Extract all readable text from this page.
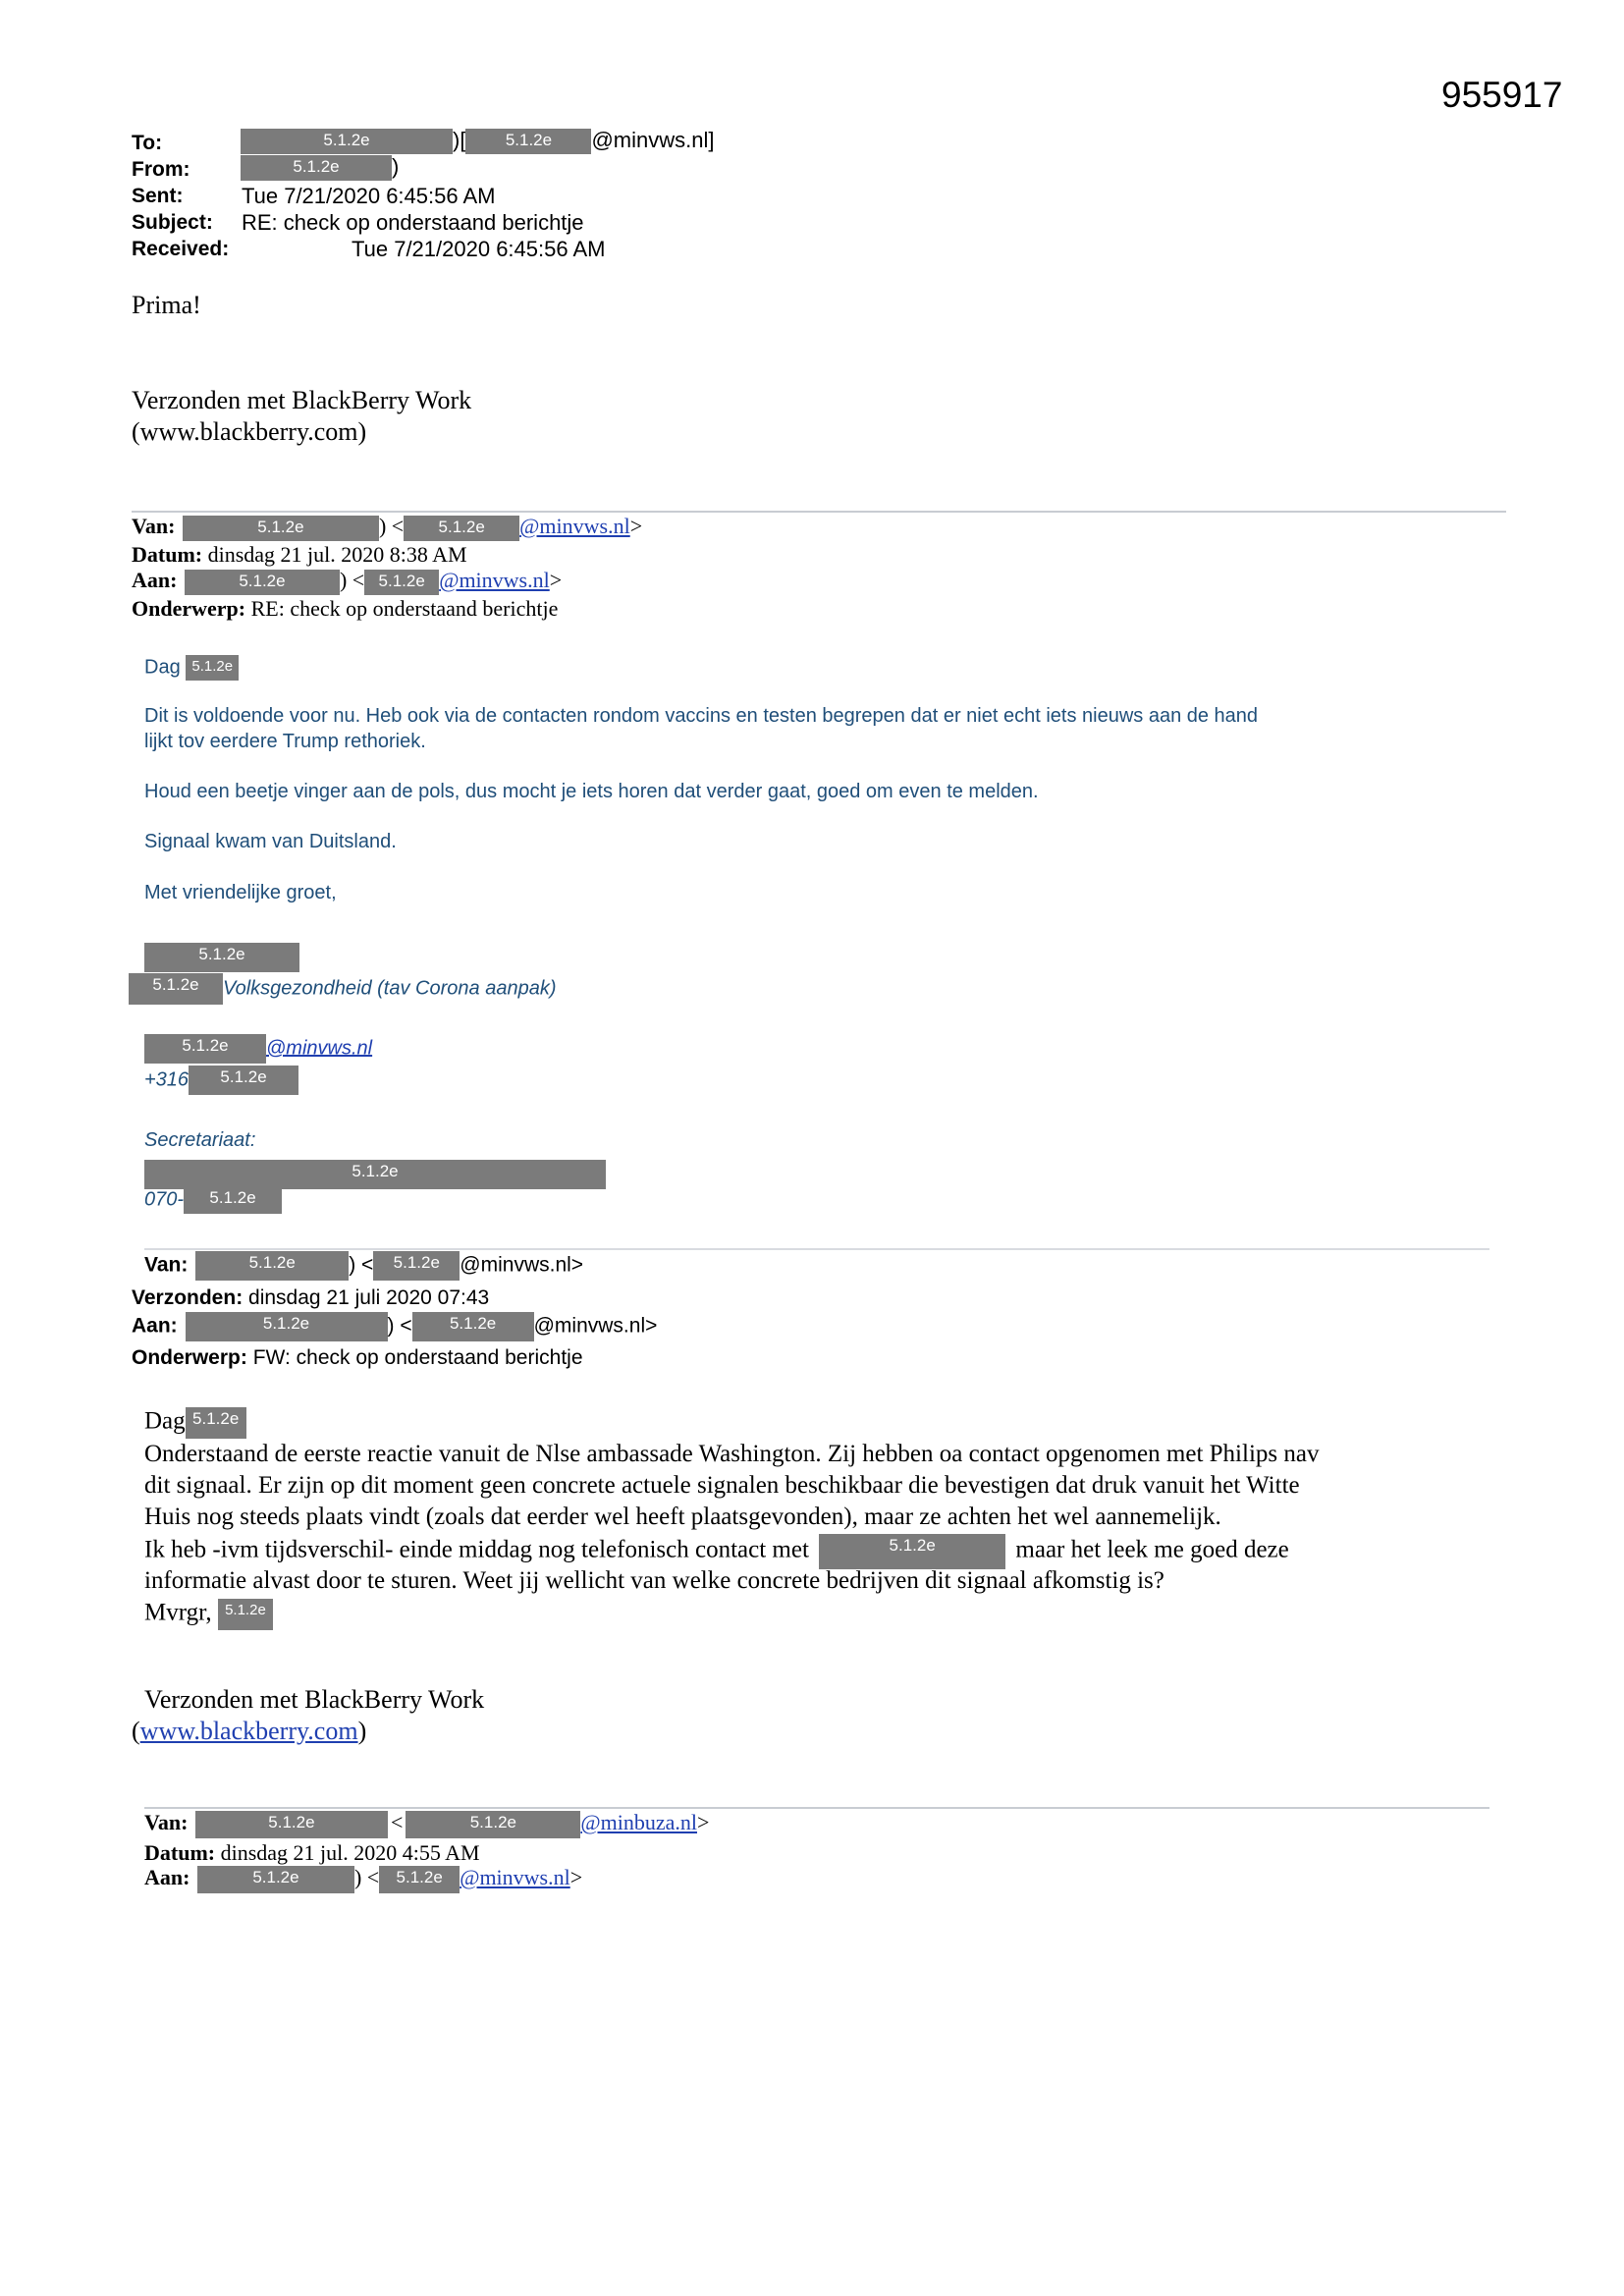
955917
To:	5.1.2e	)[ 5.1.2e @minvws.nl]
From:	5.1.2e )
Sent:	Tue 7/21/2020 6:45:56 AM
Subject: RE: check op onderstaand berichtje
Received:	Tue 7/21/2020 6:45:56 AM
Prima!
Verzonden met BlackBerry Work
(www.blackberry.com)
Van:	5.1.2e	) < 5.1.2e @minvws.nl>
Datum: dinsdag 21 jul. 2020 8:38 AM
Aan:	5.1.2e	) < 5.1.2e @minvws.nl>
Onderwerp: RE: check op onderstaand berichtje
Dag 5.1.2e
Dit is voldoende voor nu. Heb ook via de contacten rondom vaccins en testen begrepen dat er niet echt iets nieuws aan de hand
lijkt tov eerdere Trump rethoriek.
Houd een beetje vinger aan de pols, dus mocht je iets horen dat verder gaat, goed om even te melden.
Signaal kwam van Duitsland.
Met vriendelijke groet,
5.1.2e
5.1.2e Volksgezondheid (tav Corona aanpak)
5.1.2e @minvws.nl
+316 5.1.2e
Secretariaat:
5.1.2e
070- 5.1.2e
Van:	5.1.2e	) < 5.1.2e @minvws.nl>
Verzonden: dinsdag 21 juli 2020 07:43
Aan:	5.1.2e	) < 5.1.2e @minvws.nl>
Onderwerp: FW: check op onderstaand berichtje
Dag 5.1.2e
Onderstaand de eerste reactie vanuit de Nlse ambassade Washington. Zij hebben oa contact opgenomen met Philips nav
dit signaal. Er zijn op dit moment geen concrete actuele signalen beschikbaar die bevestigen dat druk vanuit het Witte
Huis nog steeds plaats vindt (zoals dat eerder wel heeft plaatsgevonden), maar ze achten het wel aannemelijk.
Ik heb -ivm tijdsverschil- einde middag nog telefonisch contact met	5.1.2e	maar het leek me goed deze
informatie alvast door te sturen. Weet jij wellicht van welke concrete bedrijven dit signaal afkomstig is?
Mvrgr, 5.1.2e
Verzonden met BlackBerry Work
(www.blackberry.com)
Van:	5.1.2e	<	5.1.2e	@minbuza.nl>
Datum: dinsdag 21 jul. 2020 4:55 AM
Aan:	5.1.2e	) < 5.1.2e @minvws.nl>
